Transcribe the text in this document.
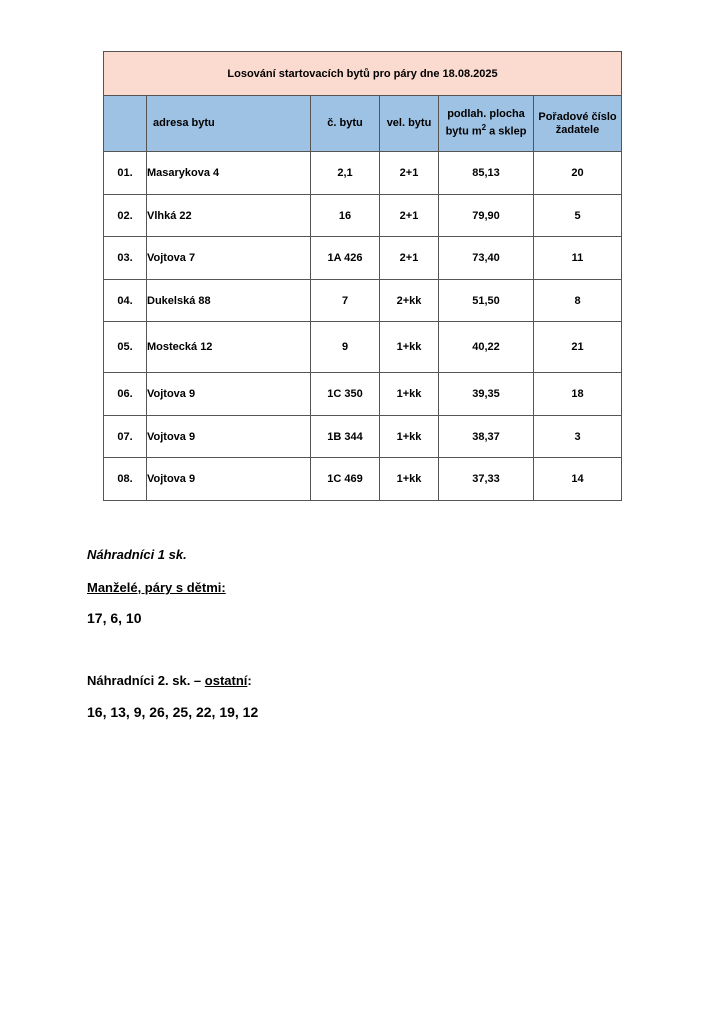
Losování startovacích bytů pro páry dne 18.08.2025					
	adresa bytu	č. bytu	vel. bytu	podlah. plocha bytu $m^2$ a sklep	Pořadové číslo žadatele
01.	Masarykova 4	2,1	2+1	85,13	20
02.	Vlhká 22	16	2+1	79,90	5
03.	Vojtova 7	1A 426	2+1	73,40	11
04.	Dukelská 88	7	2+kk	51,50	8
05.	Mostecká 12	9	1+kk	40,22	21
06.	Vojtova 9	1C 350	1+kk	39,35	18
07.	Vojtova 9	1B 344	1+kk	38,37	3
08.	Vojtova 9	1C 469	1+kk	37,33	14
Náhradníci 1 sk.
Manželé, páry s dětmi:
17, 6, 10
Náhradníci 2. sk. – ostatní:
16, 13, 9, 26, 25, 22, 19, 12
